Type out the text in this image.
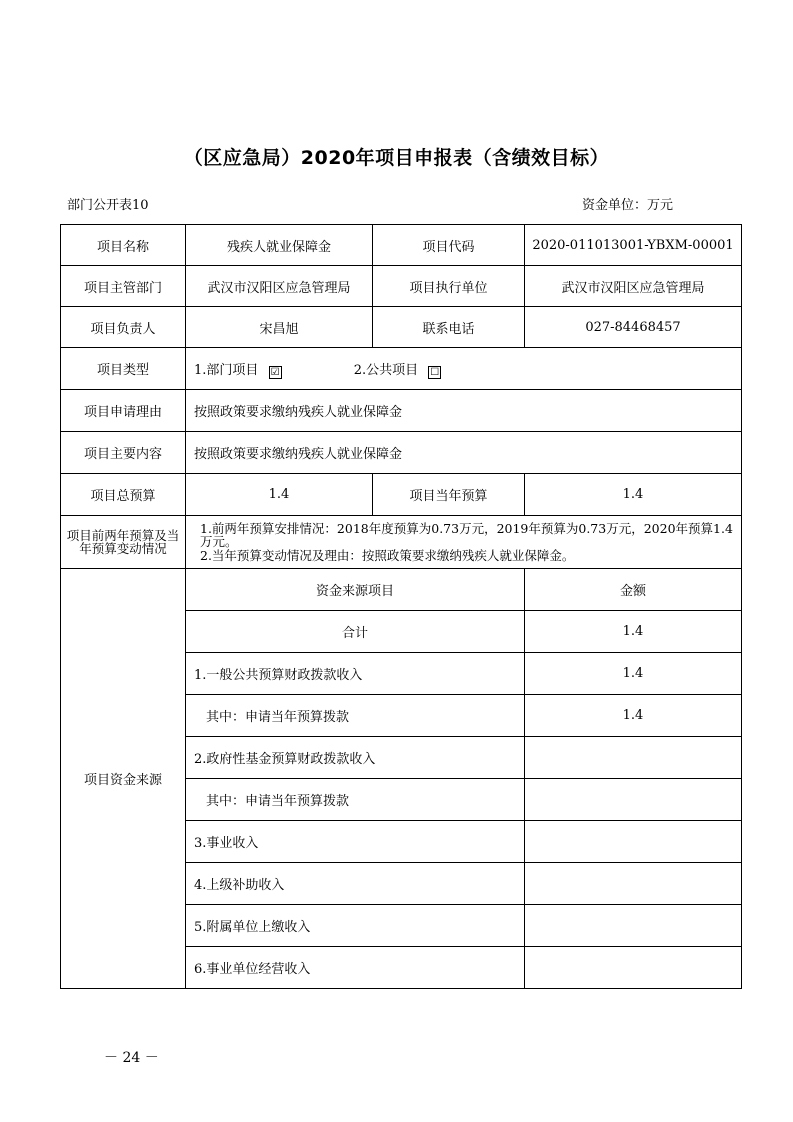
（区应急局）2020年项目申报表（含绩效目标）
部门公开表10	资金单位：万元
项目名称	残疾人就业保障金	项目代码	2020-011013001-YBXM-00001
项目主管部门	武汉市汉阳区应急管理局	项目执行单位	武汉市汉阳区应急管理局
项目负责人	宋昌旭	联系电话	027-84468457
项目类型	1.部门项目 ☑ 2.公共项目 ☐		
项目申请理由	按照政策要求缴纳残疾人就业保障金		
项目主要内容	按照政策要求缴纳残疾人就业保障金		
项目总预算	1.4	项目当年预算	1.4
项目前两年预算及当年预算变动情况	1.前两年预算安排情况：2018年度预算为0.73万元，2019年预算为0.73万元，2020年预算1.4万元。
2.当年预算变动情况及理由：按照政策要求缴纳残疾人就业保障金。		

项目资金来源	资金来源项目		金额
	合计		1.4
	1.一般公共预算财政拨款收入		1.4
	其中：申请当年预算拨款		1.4
	2.政府性基金预算财政拨款收入		
	其中：申请当年预算拨款		
	3.事业收入		
	4.上级补助收入		
	5.附属单位上缴收入		
	6.事业单位经营收入		
－ 24 －
